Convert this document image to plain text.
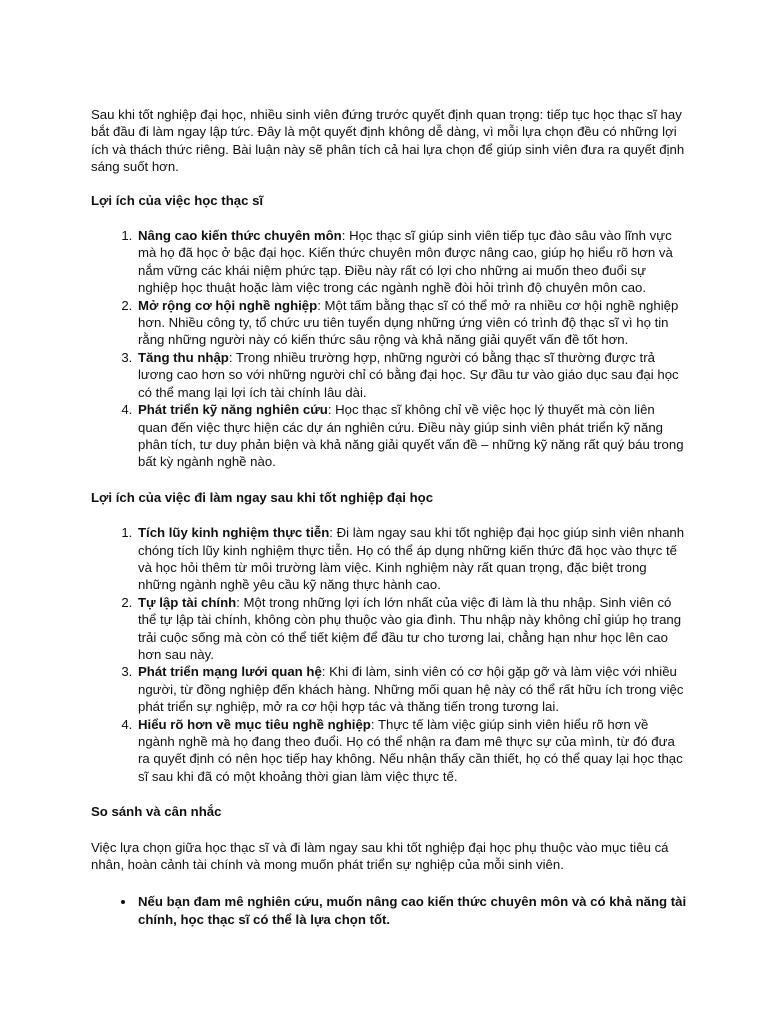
Sau khi tốt nghiệp đại học, nhiều sinh viên đứng trước quyết định quan trọng: tiếp tục học thạc sĩ hay bắt đầu đi làm ngay lập tức. Đây là một quyết định không dễ dàng, vì mỗi lựa chọn đều có những lợi ích và thách thức riêng. Bài luận này sẽ phân tích cả hai lựa chọn để giúp sinh viên đưa ra quyết định sáng suốt hơn.

Lợi ích của việc học thạc sĩ
1. Nâng cao kiến thức chuyên môn: Học thạc sĩ giúp sinh viên tiếp tục đào sâu vào lĩnh vực mà họ đã học ở bậc đại học. Kiến thức chuyên môn được nâng cao, giúp họ hiểu rõ hơn và nắm vững các khái niệm phức tạp. Điều này rất có lợi cho những ai muốn theo đuổi sự nghiệp học thuật hoặc làm việc trong các ngành nghề đòi hỏi trình độ chuyên môn cao.
2. Mở rộng cơ hội nghề nghiệp: Một tấm bằng thạc sĩ có thể mở ra nhiều cơ hội nghề nghiệp hơn. Nhiều công ty, tổ chức ưu tiên tuyển dụng những ứng viên có trình độ thạc sĩ vì họ tin rằng những người này có kiến thức sâu rộng và khả năng giải quyết vấn đề tốt hơn.
3. Tăng thu nhập: Trong nhiều trường hợp, những người có bằng thạc sĩ thường được trả lương cao hơn so với những người chỉ có bằng đại học. Sự đầu tư vào giáo dục sau đại học có thể mang lại lợi ích tài chính lâu dài.
4. Phát triển kỹ năng nghiên cứu: Học thạc sĩ không chỉ về việc học lý thuyết mà còn liên quan đến việc thực hiện các dự án nghiên cứu. Điều này giúp sinh viên phát triển kỹ năng phân tích, tư duy phản biện và khả năng giải quyết vấn đề – những kỹ năng rất quý báu trong bất kỳ ngành nghề nào.
Lợi ích của việc đi làm ngay sau khi tốt nghiệp đại học
1. Tích lũy kinh nghiệm thực tiễn: Đi làm ngay sau khi tốt nghiệp đại học giúp sinh viên nhanh chóng tích lũy kinh nghiệm thực tiễn. Họ có thể áp dụng những kiến thức đã học vào thực tế và học hỏi thêm từ môi trường làm việc. Kinh nghiệm này rất quan trọng, đặc biệt trong những ngành nghề yêu cầu kỹ năng thực hành cao.
2. Tự lập tài chính: Một trong những lợi ích lớn nhất của việc đi làm là thu nhập. Sinh viên có thể tự lập tài chính, không còn phụ thuộc vào gia đình. Thu nhập này không chỉ giúp họ trang trải cuộc sống mà còn có thể tiết kiệm để đầu tư cho tương lai, chẳng hạn như học lên cao hơn sau này.
3. Phát triển mạng lưới quan hệ: Khi đi làm, sinh viên có cơ hội gặp gỡ và làm việc với nhiều người, từ đồng nghiệp đến khách hàng. Những mối quan hệ này có thể rất hữu ích trong việc phát triển sự nghiệp, mở ra cơ hội hợp tác và thăng tiến trong tương lai.
4. Hiểu rõ hơn về mục tiêu nghề nghiệp: Thực tế làm việc giúp sinh viên hiểu rõ hơn về ngành nghề mà họ đang theo đuổi. Họ có thể nhận ra đam mê thực sự của mình, từ đó đưa ra quyết định có nên học tiếp hay không. Nếu nhận thấy cần thiết, họ có thể quay lại học thạc sĩ sau khi đã có một khoảng thời gian làm việc thực tế.
So sánh và cân nhắc

Việc lựa chọn giữa học thạc sĩ và đi làm ngay sau khi tốt nghiệp đại học phụ thuộc vào mục tiêu cá nhân, hoàn cảnh tài chính và mong muốn phát triển sự nghiệp của mỗi sinh viên.

• Nếu bạn đam mê nghiên cứu, muốn nâng cao kiến thức chuyên môn và có khả năng tài chính, học thạc sĩ có thể là lựa chọn tốt.
